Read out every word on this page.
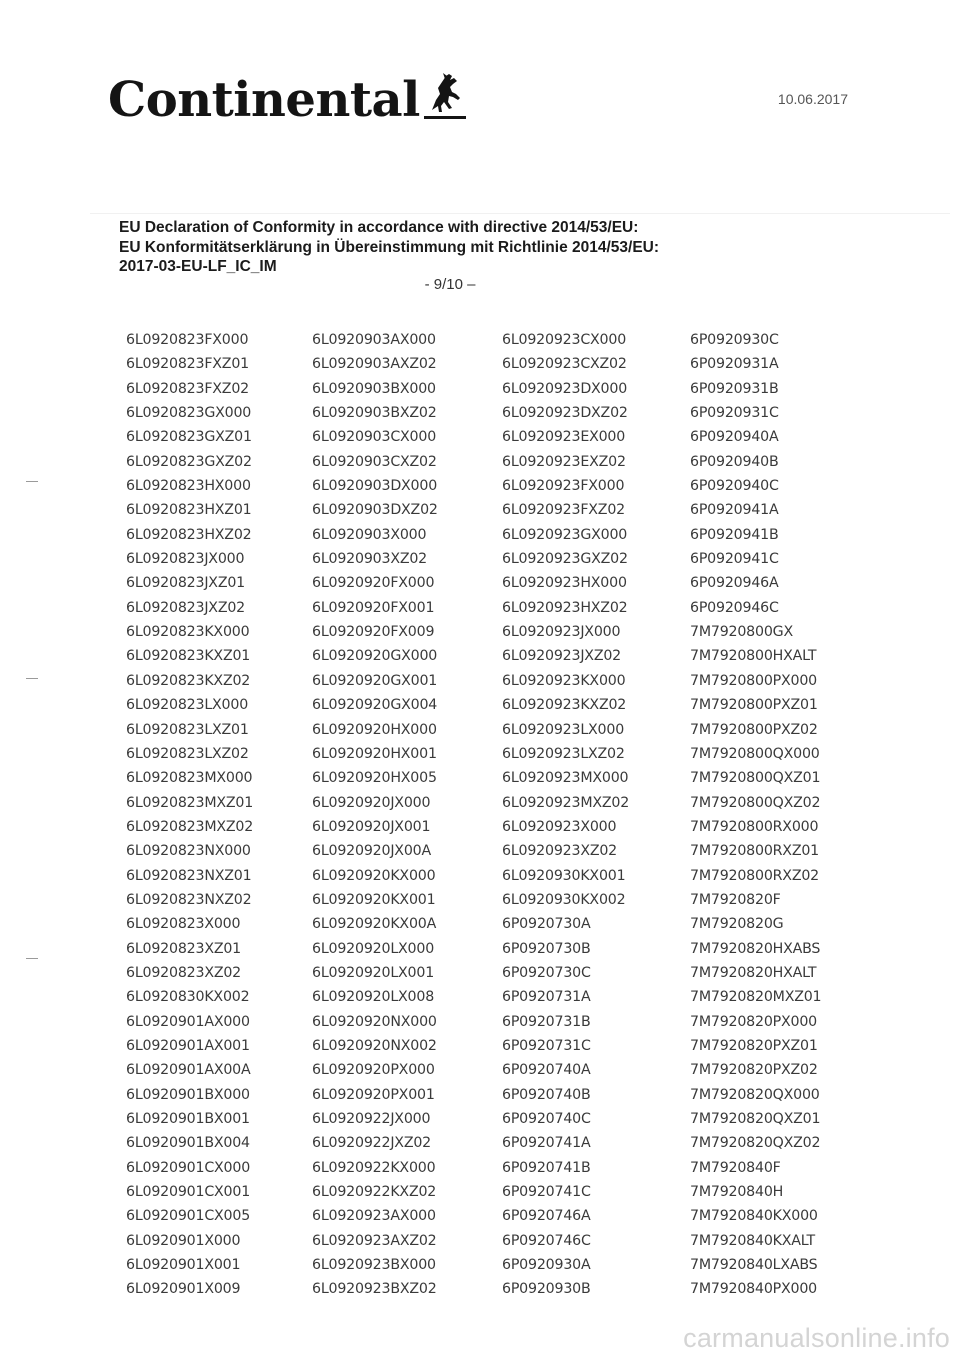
Continental	10.06.2017
EU Declaration of Conformity in accordance with directive 2014/53/EU:
EU Konformitätserklärung in Übereinstimmung mit Richtlinie 2014/53/EU:
2017-03-EU-LF_IC_IM
- 9/10 –
6L0920823FX000
6L0920823FXZ01
6L0920823FXZ02
6L0920823GX000
6L0920823GXZ01
6L0920823GXZ02
6L0920823HX000
6L0920823HXZ01
6L0920823HXZ02
6L0920823JX000
6L0920823JXZ01
6L0920823JXZ02
6L0920823KX000
6L0920823KXZ01
6L0920823KXZ02
6L0920823LX000
6L0920823LXZ01
6L0920823LXZ02
6L0920823MX000
6L0920823MXZ01
6L0920823MXZ02
6L0920823NX000
6L0920823NXZ01
6L0920823NXZ02
6L0920823X000
6L0920823XZ01
6L0920823XZ02
6L0920830KX002
6L0920901AX000
6L0920901AX001
6L0920901AX00A
6L0920901BX000
6L0920901BX001
6L0920901BX004
6L0920901CX000
6L0920901CX001
6L0920901CX005
6L0920901X000
6L0920901X001
6L0920901X009
6L0920903AX000
6L0920903AXZ02
6L0920903BX000
6L0920903BXZ02
6L0920903CX000
6L0920903CXZ02
6L0920903DX000
6L0920903DXZ02
6L0920903X000
6L0920903XZ02
6L0920920FX000
6L0920920FX001
6L0920920FX009
6L0920920GX000
6L0920920GX001
6L0920920GX004
6L0920920HX000
6L0920920HX001
6L0920920HX005
6L0920920JX000
6L0920920JX001
6L0920920JX00A
6L0920920KX000
6L0920920KX001
6L0920920KX00A
6L0920920LX000
6L0920920LX001
6L0920920LX008
6L0920920NX000
6L0920920NX002
6L0920920PX000
6L0920920PX001
6L0920922JX000
6L0920922JXZ02
6L0920922KX000
6L0920922KXZ02
6L0920923AX000
6L0920923AXZ02
6L0920923BX000
6L0920923BXZ02
6L0920923CX000
6L0920923CXZ02
6L0920923DX000
6L0920923DXZ02
6L0920923EX000
6L0920923EXZ02
6L0920923FX000
6L0920923FXZ02
6L0920923GX000
6L0920923GXZ02
6L0920923HX000
6L0920923HXZ02
6L0920923JX000
6L0920923JXZ02
6L0920923KX000
6L0920923KXZ02
6L0920923LX000
6L0920923LXZ02
6L0920923MX000
6L0920923MXZ02
6L0920923X000
6L0920923XZ02
6L0920930KX001
6L0920930KX002
6P0920730A
6P0920730B
6P0920730C
6P0920731A
6P0920731B
6P0920731C
6P0920740A
6P0920740B
6P0920740C
6P0920741A
6P0920741B
6P0920741C
6P0920746A
6P0920746C
6P0920930A
6P0920930B
6P0920930C
6P0920931A
6P0920931B
6P0920931C
6P0920940A
6P0920940B
6P0920940C
6P0920941A
6P0920941B
6P0920941C
6P0920946A
6P0920946C
7M7920800GX
7M7920800HXALT
7M7920800PX000
7M7920800PXZ01
7M7920800PXZ02
7M7920800QX000
7M7920800QXZ01
7M7920800QXZ02
7M7920800RX000
7M7920800RXZ01
7M7920800RXZ02
7M7920820F
7M7920820G
7M7920820HXABS
7M7920820HXALT
7M7920820MXZ01
7M7920820PX000
7M7920820PXZ01
7M7920820PXZ02
7M7920820QX000
7M7920820QXZ01
7M7920820QXZ02
7M7920840F
7M7920840H
7M7920840KX000
7M7920840KXALT
7M7920840LXABS
7M7920840PX000
carmanualsonline.info
